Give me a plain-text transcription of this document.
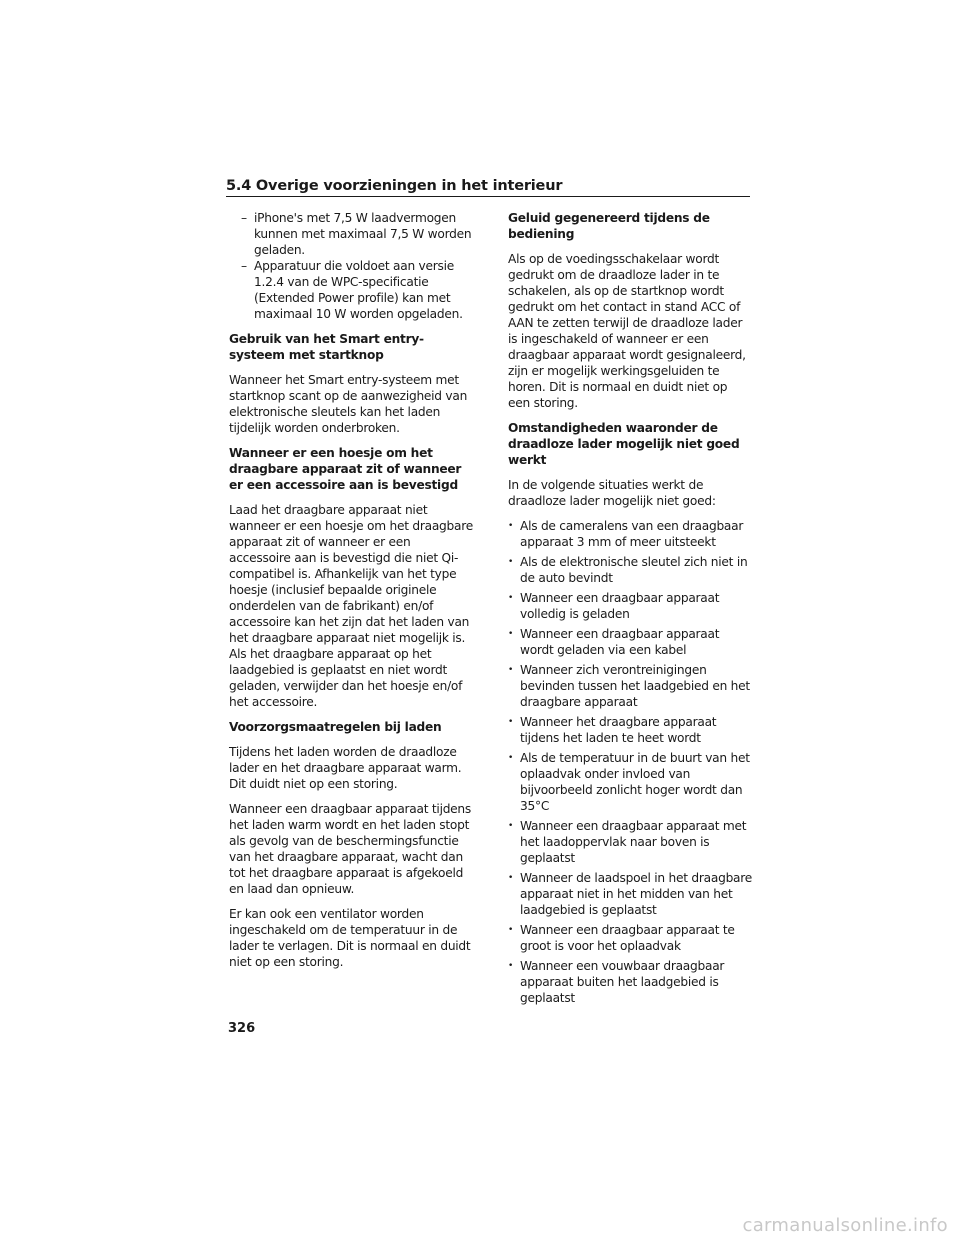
5.4 Overige voorzieningen in het interieur
– iPhone's met 7,5 W laadvermogen kunnen met maximaal 7,5 W worden geladen.
– Apparatuur die voldoet aan versie 1.2.4 van de WPC-specificatie (Extended Power profile) kan met maximaal 10 W worden opgeladen.

Gebruik van het Smart entry-systeem met startknop

Wanneer het Smart entry-systeem met startknop scant op de aanwezigheid van elektronische sleutels kan het laden tijdelijk worden onderbroken.

Wanneer er een hoesje om het draagbare apparaat zit of wanneer er een accessoire aan is bevestigd

Laad het draagbare apparaat niet wanneer er een hoesje om het draagbare apparaat zit of wanneer er een accessoire aan is bevestigd die niet Qi-compatibel is. Afhankelijk van het type hoesje (inclusief bepaalde originele onderdelen van de fabrikant) en/of accessoire kan het zijn dat het laden van het draagbare apparaat niet mogelijk is. Als het draagbare apparaat op het laadgebied is geplaatst en niet wordt geladen, verwijder dan het hoesje en/of het accessoire.

Voorzorgsmaatregelen bij laden

Tijdens het laden worden de draadloze lader en het draagbare apparaat warm. Dit duidt niet op een storing.

Wanneer een draagbaar apparaat tijdens het laden warm wordt en het laden stopt als gevolg van de beschermingsfunctie van het draagbare apparaat, wacht dan tot het draagbare apparaat is afgekoeld en laad dan opnieuw.

Er kan ook een ventilator worden ingeschakeld om de temperatuur in de lader te verlagen. Dit is normaal en duidt niet op een storing.

Geluid gegenereerd tijdens de bediening

Als op de voedingsschakelaar wordt gedrukt om de draadloze lader in te schakelen, als op de startknop wordt gedrukt om het contact in stand ACC of AAN te zetten terwijl de draadloze lader is ingeschakeld of wanneer er een draagbaar apparaat wordt gesignaleerd, zijn er mogelijk werkingsgeluiden te horen. Dit is normaal en duidt niet op een storing.

Omstandigheden waaronder de draadloze lader mogelijk niet goed werkt

In de volgende situaties werkt de draadloze lader mogelijk niet goed:

• Als de cameralens van een draagbaar apparaat 3 mm of meer uitsteekt
• Als de elektronische sleutel zich niet in de auto bevindt
• Wanneer een draagbaar apparaat volledig is geladen
• Wanneer een draagbaar apparaat wordt geladen via een kabel
• Wanneer zich verontreinigingen bevinden tussen het laadgebied en het draagbare apparaat
• Wanneer het draagbare apparaat tijdens het laden te heet wordt
• Als de temperatuur in de buurt van het oplaadvak onder invloed van bijvoorbeeld zonlicht hoger wordt dan 35°C
• Wanneer een draagbaar apparaat met het laadoppervlak naar boven is geplaatst
• Wanneer de laadspoel in het draagbare apparaat niet in het midden van het laadgebied is geplaatst
• Wanneer een draagbaar apparaat te groot is voor het oplaadvak
• Wanneer een vouwbaar draagbaar apparaat buiten het laadgebied is geplaatst
326
carmanualsonline.info
